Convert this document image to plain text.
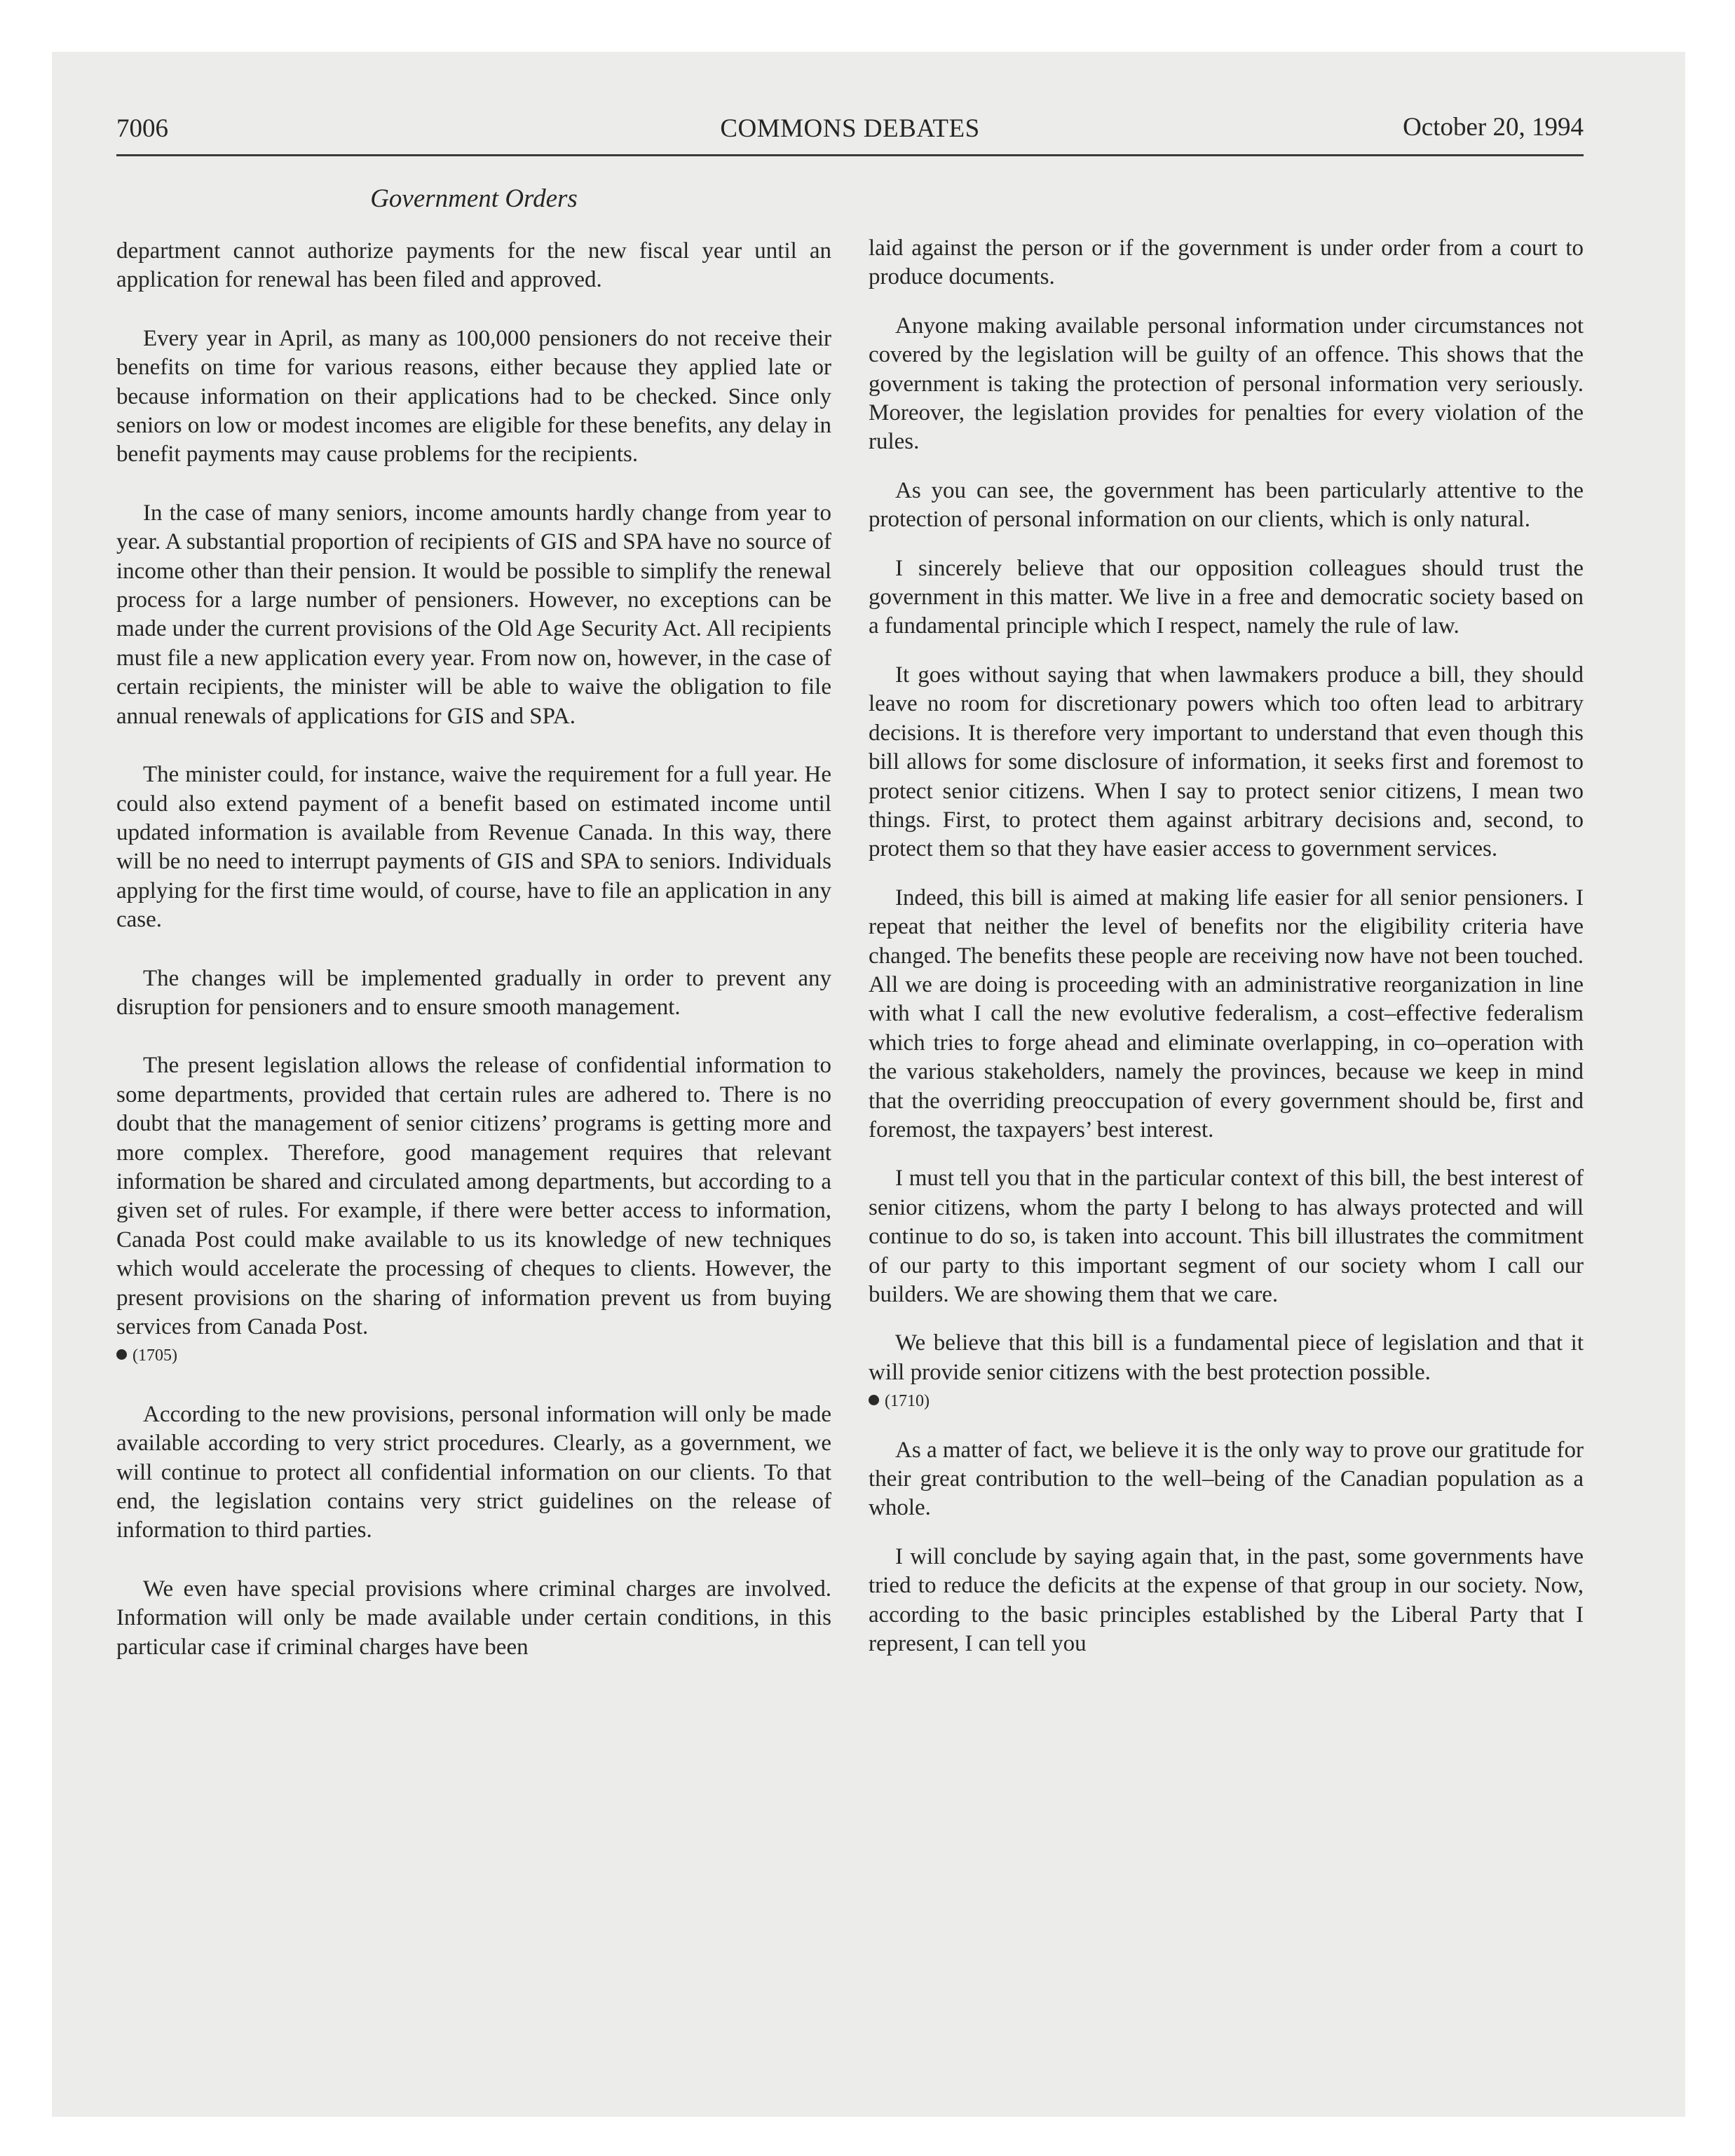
7006	COMMONS DEBATES	October 20, 1994
Government Orders

department cannot authorize payments for the new fiscal year until an application for renewal has been filed and approved.

Every year in April, as many as 100,000 pensioners do not receive their benefits on time for various reasons, either because they applied late or because information on their applications had to be checked. Since only seniors on low or modest incomes are eligible for these benefits, any delay in benefit payments may cause problems for the recipients.

In the case of many seniors, income amounts hardly change from year to year. A substantial proportion of recipients of GIS and SPA have no source of income other than their pension. It would be possible to simplify the renewal process for a large number of pensioners. However, no exceptions can be made under the current provisions of the Old Age Security Act. All recipients must file a new application every year. From now on, however, in the case of certain recipients, the minister will be able to waive the obligation to file annual renewals of applications for GIS and SPA.

The minister could, for instance, waive the requirement for a full year. He could also extend payment of a benefit based on estimated income until updated information is available from Revenue Canada. In this way, there will be no need to interrupt payments of GIS and SPA to seniors. Individuals applying for the first time would, of course, have to file an application in any case.

The changes will be implemented gradually in order to prevent any disruption for pensioners and to ensure smooth management.

The present legislation allows the release of confidential information to some departments, provided that certain rules are adhered to. There is no doubt that the management of senior citizens’ programs is getting more and more complex. Therefore, good management requires that relevant information be shared and circulated among departments, but according to a given set of rules. For example, if there were better access to information, Canada Post could make available to us its knowledge of new techniques which would accelerate the processing of cheques to clients. However, the present provisions on the sharing of information prevent us from buying services from Canada Post.

(1705)

According to the new provisions, personal information will only be made available according to very strict procedures. Clearly, as a government, we will continue to protect all confidential information on our clients. To that end, the legislation contains very strict guidelines on the release of information to third parties.

We even have special provisions where criminal charges are involved. Information will only be made available under certain conditions, in this particular case if criminal charges have been

laid against the person or if the government is under order from a court to produce documents.

Anyone making available personal information under circumstances not covered by the legislation will be guilty of an offence. This shows that the government is taking the protection of personal information very seriously. Moreover, the legislation provides for penalties for every violation of the rules.

As you can see, the government has been particularly attentive to the protection of personal information on our clients, which is only natural.

I sincerely believe that our opposition colleagues should trust the government in this matter. We live in a free and democratic society based on a fundamental principle which I respect, namely the rule of law.

It goes without saying that when lawmakers produce a bill, they should leave no room for discretionary powers which too often lead to arbitrary decisions. It is therefore very important to understand that even though this bill allows for some disclosure of information, it seeks first and foremost to protect senior citizens. When I say to protect senior citizens, I mean two things. First, to protect them against arbitrary decisions and, second, to protect them so that they have easier access to government services.

Indeed, this bill is aimed at making life easier for all senior pensioners. I repeat that neither the level of benefits nor the eligibility criteria have changed. The benefits these people are receiving now have not been touched. All we are doing is proceeding with an administrative reorganization in line with what I call the new evolutive federalism, a cost–effective federalism which tries to forge ahead and eliminate overlapping, in co–operation with the various stakeholders, namely the provinces, because we keep in mind that the overriding preoccupation of every government should be, first and foremost, the taxpayers’ best interest.

I must tell you that in the particular context of this bill, the best interest of senior citizens, whom the party I belong to has always protected and will continue to do so, is taken into account. This bill illustrates the commitment of our party to this important segment of our society whom I call our builders. We are showing them that we care.

We believe that this bill is a fundamental piece of legislation and that it will provide senior citizens with the best protection possible.

(1710)

As a matter of fact, we believe it is the only way to prove our gratitude for their great contribution to the well–being of the Canadian population as a whole.

I will conclude by saying again that, in the past, some governments have tried to reduce the deficits at the expense of that group in our society. Now, according to the basic principles established by the Liberal Party that I represent, I can tell you
